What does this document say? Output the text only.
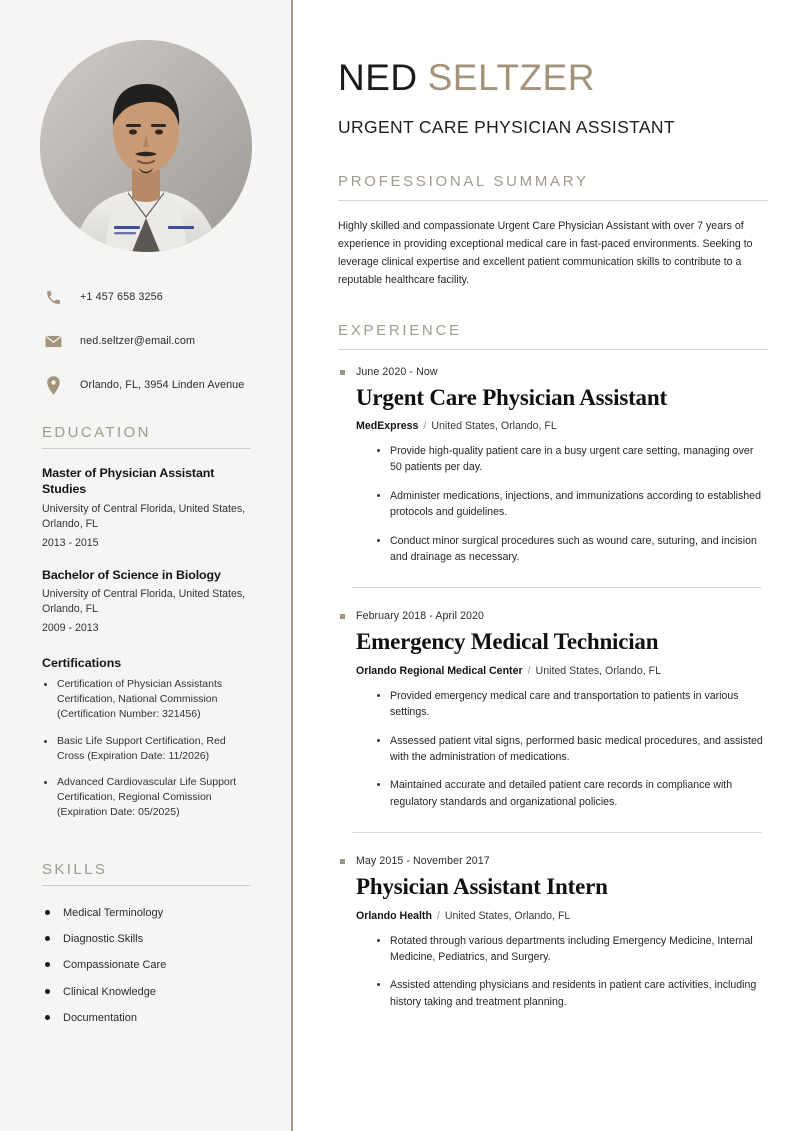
+1 457 658 3256
ned.seltzer@email.com
Orlando, FL, 3954 Linden Avenue
EDUCATION
Master of Physician Assistant Studies
University of Central Florida, United States, Orlando, FL
2013 - 2015
Bachelor of Science in Biology
University of Central Florida, United States, Orlando, FL
2009 - 2013
Certifications
Certification of Physician Assistants Certification, National Commission (Certification Number: 321456)
Basic Life Support Certification, Red Cross (Expiration Date: 11/2026)
Advanced Cardiovascular Life Support Certification, Regional Comission (Expiration Date: 05/2025)
SKILLS
Medical Terminology
Diagnostic Skills
Compassionate Care
Clinical Knowledge
Documentation
NED SELTZER
URGENT CARE PHYSICIAN ASSISTANT
PROFESSIONAL SUMMARY

Highly skilled and compassionate Urgent Care Physician Assistant with over 7 years of experience in providing exceptional medical care in fast-paced environments. Seeking to leverage clinical expertise and excellent patient communication skills to contribute to a reputable healthcare facility.

EXPERIENCE
June 2020 - Now
Urgent Care Physician Assistant
MedExpress / United States, Orlando, FL
Provide high-quality patient care in a busy urgent care setting, managing over 50 patients per day.
Administer medications, injections, and immunizations according to established protocols and guidelines.
Conduct minor surgical procedures such as wound care, suturing, and incision and drainage as necessary.
February 2018 - April 2020
Emergency Medical Technician
Orlando Regional Medical Center / United States, Orlando, FL
Provided emergency medical care and transportation to patients in various settings.
Assessed patient vital signs, performed basic medical procedures, and assisted with the administration of medications.
Maintained accurate and detailed patient care records in compliance with regulatory standards and organizational policies.
May 2015 - November 2017
Physician Assistant Intern
Orlando Health / United States, Orlando, FL
Rotated through various departments including Emergency Medicine, Internal Medicine, Pediatrics, and Surgery.
Assisted attending physicians and residents in patient care activities, including history taking and treatment planning.
